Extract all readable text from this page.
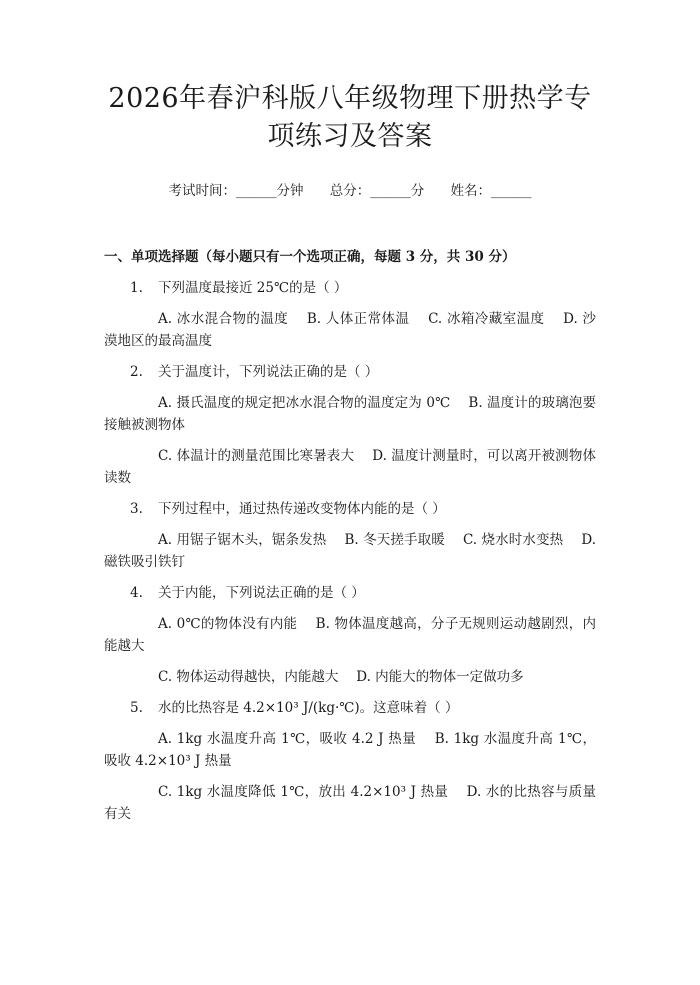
2026年春沪科版八年级物理下册热学专项练习及答案
考试时间：______分钟 总分：______分 姓名：______
一、单项选择题（每小题只有一个选项正确，每题 3 分，共 30 分）
1. 下列温度最接近 25℃的是（ ）
A. 冰水混合物的温度　 B. 人体正常体温　 C. 冰箱冷藏室温度　 D. 沙漠地区的最高温度
2. 关于温度计，下列说法正确的是（ ）
A. 摄氏温度的规定把冰水混合物的温度定为 0℃　 B. 温度计的玻璃泡要接触被测物体
C. 体温计的测量范围比寒暑表大　 D. 温度计测量时，可以离开被测物体读数
3. 下列过程中，通过热传递改变物体内能的是（ ）
A. 用锯子锯木头，锯条发热　 B. 冬天搓手取暖　 C. 烧水时水变热　 D. 磁铁吸引铁钉
4. 关于内能，下列说法正确的是（ ）
A. 0℃的物体没有内能　 B. 物体温度越高，分子无规则运动越剧烈，内能越大
C. 物体运动得越快，内能越大　 D. 内能大的物体一定做功多
5. 水的比热容是 4.2×10³ J/(kg·℃)。这意味着（ ）
A. 1kg 水温度升高 1℃，吸收 4.2 J 热量　 B. 1kg 水温度升高 1℃，吸收 4.2×10³ J 热量
C. 1kg 水温度降低 1℃，放出 4.2×10³ J 热量　 D. 水的比热容与质量有关
